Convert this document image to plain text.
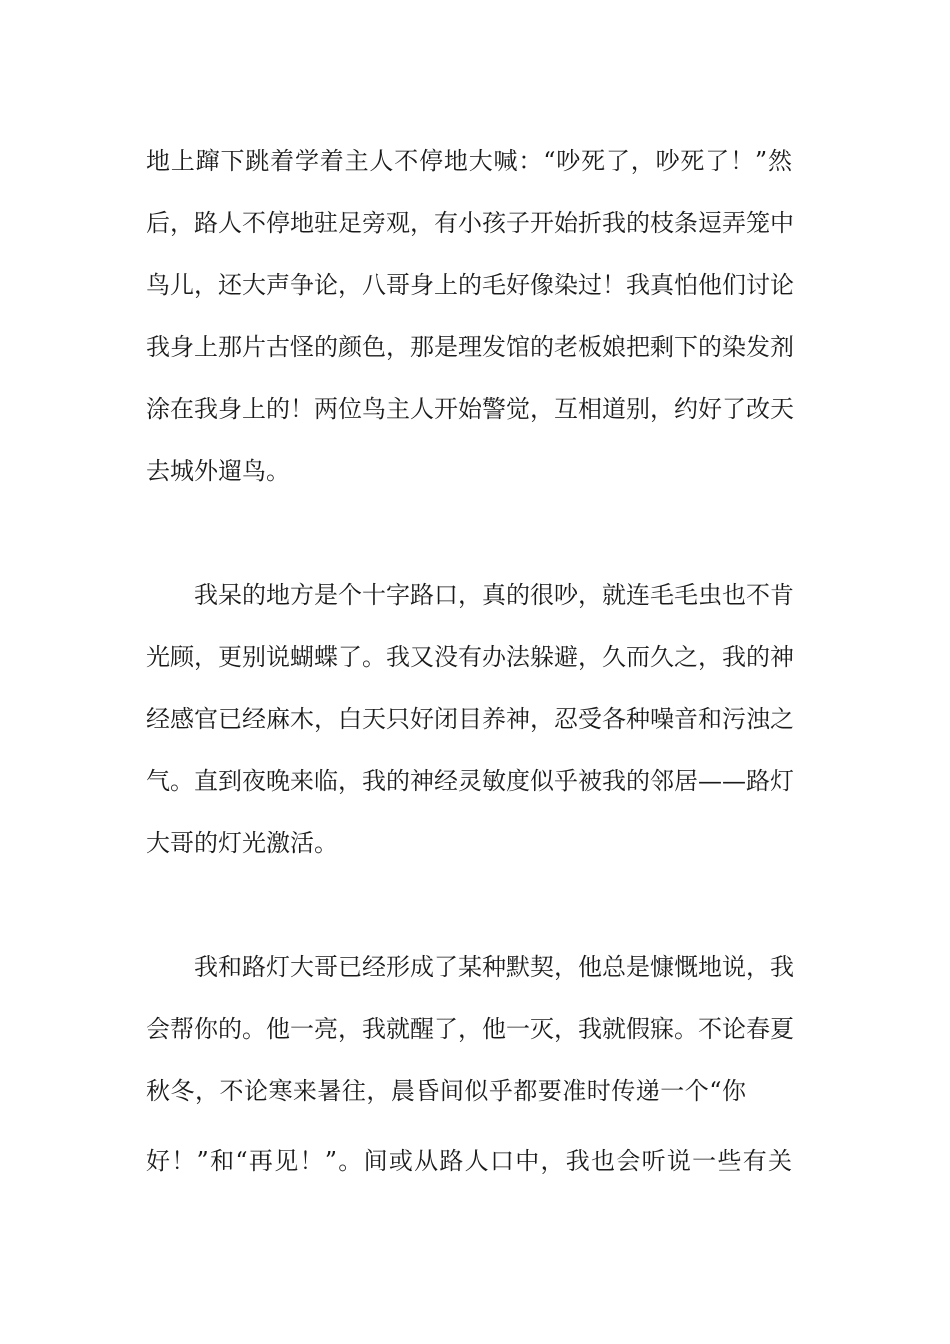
地上蹿下跳着学着主人不停地大喊：“吵死了，吵死了！”然
后，路人不停地驻足旁观，有小孩子开始折我的枝条逗弄笼中
鸟儿，还大声争论，八哥身上的毛好像染过！我真怕他们讨论
我身上那片古怪的颜色，那是理发馆的老板娘把剩下的染发剂
涂在我身上的！两位鸟主人开始警觉，互相道别，约好了改天
去城外遛鸟。
我呆的地方是个十字路口，真的很吵，就连毛毛虫也不肯
光顾，更别说蝴蝶了。我又没有办法躲避，久而久之，我的神
经感官已经麻木，白天只好闭目养神，忍受各种噪音和污浊之
气。直到夜晚来临，我的神经灵敏度似乎被我的邻居——路灯
大哥的灯光激活。
我和路灯大哥已经形成了某种默契，他总是慷慨地说，我
会帮你的。他一亮，我就醒了，他一灭，我就假寐。不论春夏
秋冬，不论寒来暑往，晨昏间似乎都要准时传递一个“你
好！”和“再见！”。间或从路人口中，我也会听说一些有关
